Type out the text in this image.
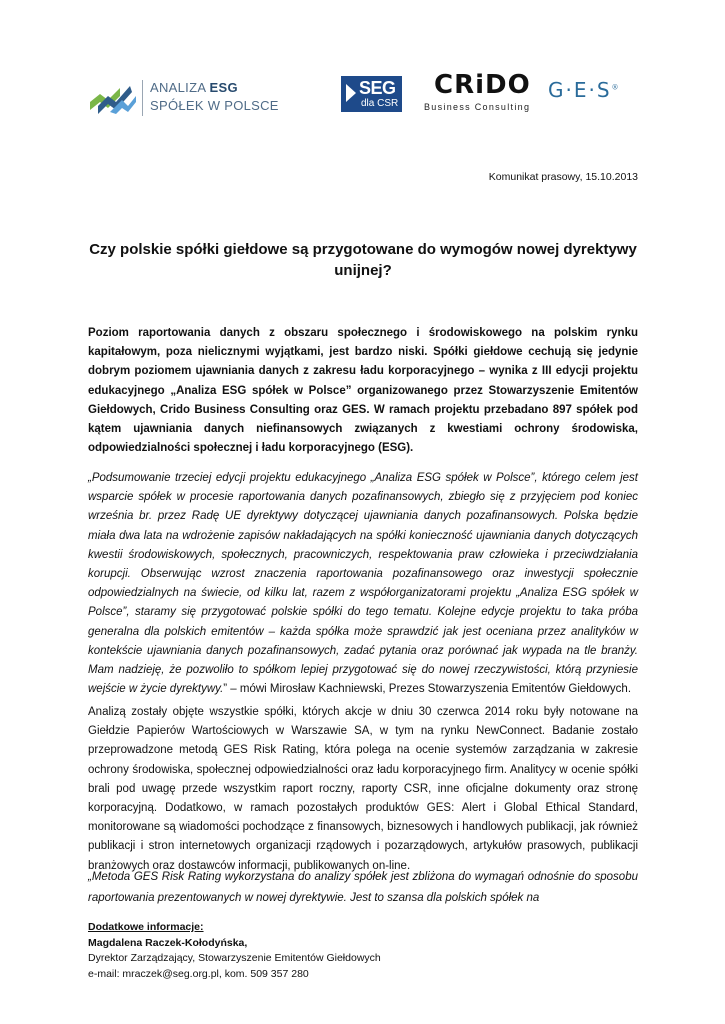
ANALIZA ESG
SPÓŁEK W POLSCE
SEG
dla CSR
CRiDO
Business Consulting
G·E·S®
Komunikat prasowy, 15.10.2013
Czy polskie spółki giełdowe są przygotowane do wymogów nowej dyrektywy unijnej?

Poziom raportowania danych z obszaru społecznego i środowiskowego na polskim rynku kapitałowym, poza nielicznymi wyjątkami, jest bardzo niski. Spółki giełdowe cechują się jedynie dobrym poziomem ujawniania danych z zakresu ładu korporacyjnego – wynika z III edycji projektu edukacyjnego „Analiza ESG spółek w Polsce” organizowanego przez Stowarzyszenie Emitentów Giełdowych, Crido Business Consulting oraz GES. W ramach projektu przebadano 897 spółek pod kątem ujawniania danych niefinansowych związanych z kwestiami ochrony środowiska, odpowiedzialności społecznej i ładu korporacyjnego (ESG).

„Podsumowanie trzeciej edycji projektu edukacyjnego „Analiza ESG spółek w Polsce”, którego celem jest wsparcie spółek w procesie raportowania danych pozafinansowych, zbiegło się z przyjęciem pod koniec września br. przez Radę UE dyrektywy dotyczącej ujawniania danych pozafinansowych. Polska będzie miała dwa lata na wdrożenie zapisów nakładających na spółki konieczność ujawniania danych dotyczących kwestii środowiskowych, społecznych, pracowniczych, respektowania praw człowieka i przeciwdziałania korupcji. Obserwując wzrost znaczenia raportowania pozafinansowego oraz inwestycji społecznie odpowiedzialnych na świecie, od kilku lat, razem z współorganizatorami projektu „Analiza ESG spółek w Polsce”, staramy się przygotować polskie spółki do tego tematu. Kolejne edycje projektu to taka próba generalna dla polskich emitentów – każda spółka może sprawdzić jak jest oceniana przez analityków w kontekście ujawniania danych pozafinansowych, zadać pytania oraz porównać jak wypada na tle branży. Mam nadzieję, że pozwoliło to spółkom lepiej przygotować się do nowej rzeczywistości, którą przyniesie wejście w życie dyrektywy.” – mówi Mirosław Kachniewski, Prezes Stowarzyszenia Emitentów Giełdowych.

Analizą zostały objęte wszystkie spółki, których akcje w dniu 30 czerwca 2014 roku były notowane na Giełdzie Papierów Wartościowych w Warszawie SA, w tym na rynku NewConnect. Badanie zostało przeprowadzone metodą GES Risk Rating, która polega na ocenie systemów zarządzania w zakresie ochrony środowiska, społecznej odpowiedzialności oraz ładu korporacyjnego firm. Analitycy w ocenie spółki brali pod uwagę przede wszystkim raport roczny, raporty CSR, inne oficjalne dokumenty oraz stronę korporacyjną. Dodatkowo, w ramach pozostałych produktów GES: Alert i Global Ethical Standard, monitorowane są wiadomości pochodzące z finansowych, biznesowych i handlowych publikacji, jak również publikacji i stron internetowych organizacji rządowych i pozarządowych, artykułów prasowych, publikacji branżowych oraz dostawców informacji, publikowanych on-line.

„Metoda GES Risk Rating wykorzystana do analizy spółek jest zbliżona do wymagań odnośnie do sposobu raportowania prezentowanych w nowej dyrektywie. Jest to szansa dla polskich spółek na

Dodatkowe informacje:
Magdalena Raczek-Kołodyńska,
Dyrektor Zarządzający, Stowarzyszenie Emitentów Giełdowych
e-mail: mraczek@seg.org.pl, kom. 509 357 280
